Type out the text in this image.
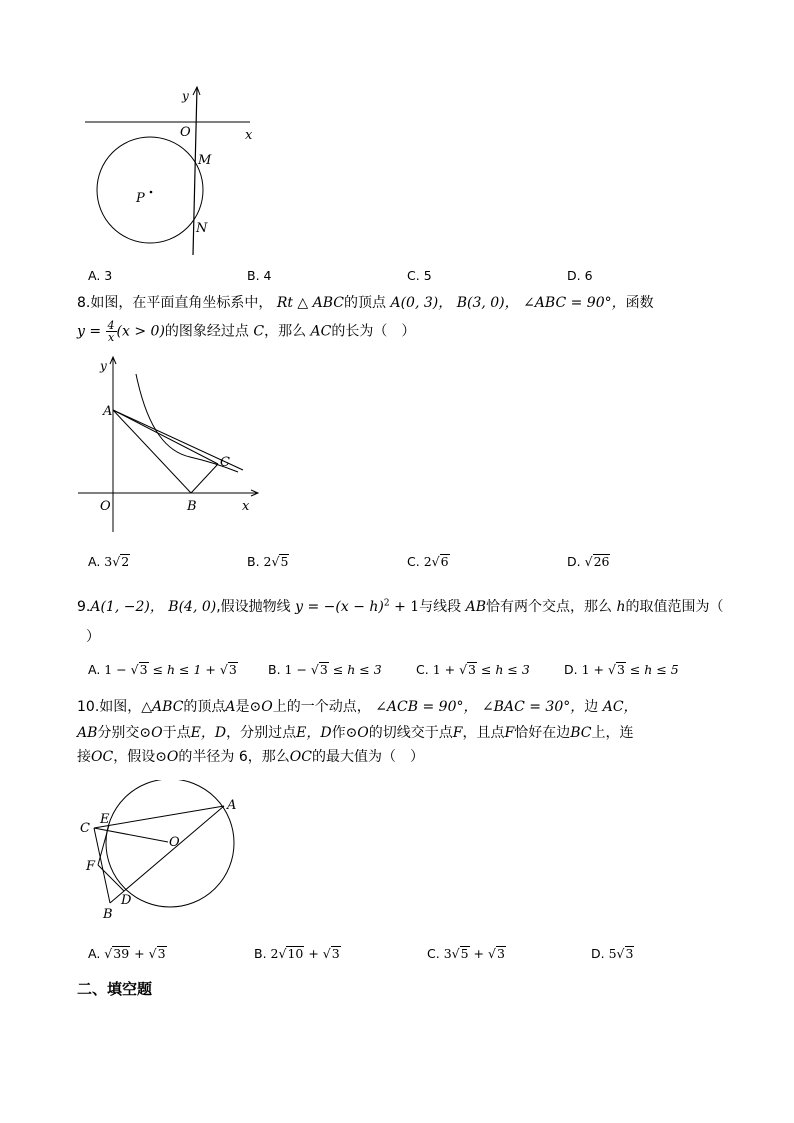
y
x
O
M
N
P
A. 3	B. 4	C. 5	D. 6
8.如图，在平面直角坐标系中， Rt △ ABC的顶点 A(0, 3)， B(3, 0)， ∠ABC = 90°，函数
$y = \frac{4}{x} (x > 0)$的图象经过点 C，那么 AC的长为（　）
y
A
C
O	B	x
A. 3√2	B. 2√5	C. 2√6	D. √26
9.A(1, −2)， B(4, 0),假设抛物线 $y = -(x - h)^2 + 1$与线段 AB恰有两个交点，那么 h的取值范围为（
）
A. 1 − √3 ≤ h ≤ 1 + √3 B. 1 − √3 ≤ h ≤ 3	C. 1 + √3 ≤ h ≤ 3	D. 1 + √3 ≤ h ≤ 5
10.如图，△ABC的顶点A是⊙O上的一个动点， ∠ACB = 90°， ∠BAC = 30°，边 AC，
AB分别交⊙O于点E，D，分别过点E，D作⊙O的切线交于点F，且点F恰好在边BC上，连
接OC，假设⊙O的半径为 6，那么OC的最大值为（　）
A
C
E
O
F
D
B
A. √39 + √3	B. 2√10 + √3	C. 3√5 + √3	D. 5√3
二、填空题
